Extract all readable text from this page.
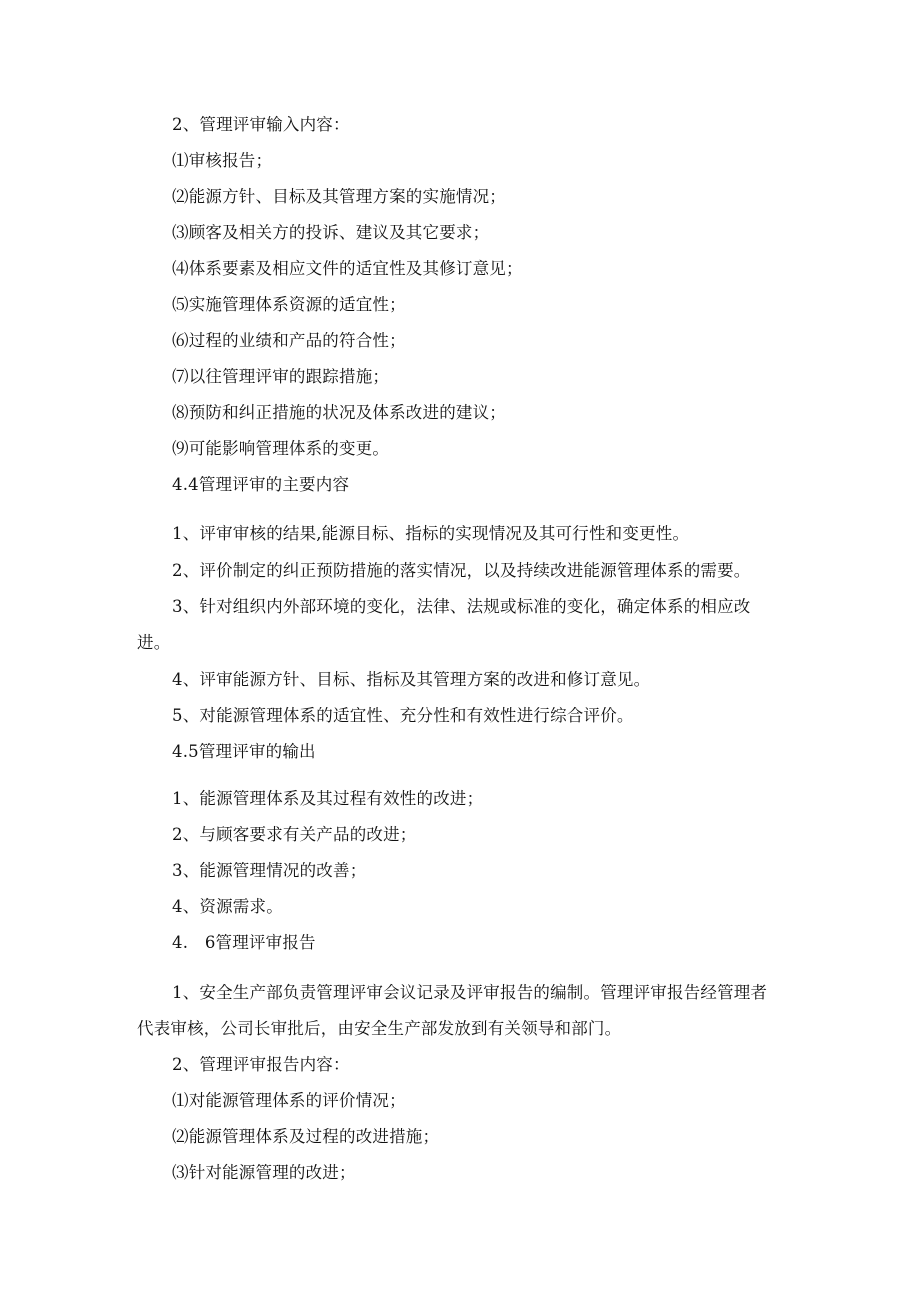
2、管理评审输入内容：
⑴审核报告；
⑵能源方针、目标及其管理方案的实施情况；
⑶顾客及相关方的投诉、建议及其它要求；
⑷体系要素及相应文件的适宜性及其修订意见；
⑸实施管理体系资源的适宜性；
⑹过程的业绩和产品的符合性；
⑺以往管理评审的跟踪措施；
⑻预防和纠正措施的状况及体系改进的建议；
⑼可能影响管理体系的变更。
4.4管理评审的主要内容
1、评审审核的结果,能源目标、指标的实现情况及其可行性和变更性。
2、评价制定的纠正预防措施的落实情况，以及持续改进能源管理体系的需要。
3、针对组织内外部环境的变化，法律、法规或标准的变化，确定体系的相应改
进。
4、评审能源方针、目标、指标及其管理方案的改进和修订意见。
5、对能源管理体系的适宜性、充分性和有效性进行综合评价。
4.5管理评审的输出
1、能源管理体系及其过程有效性的改进；
2、与顾客要求有关产品的改进；
3、能源管理情况的改善；
4、资源需求。
4.　6管理评审报告
1、安全生产部负责管理评审会议记录及评审报告的编制。管理评审报告经管理者
代表审核，公司长审批后，由安全生产部发放到有关领导和部门。
2、管理评审报告内容：
⑴对能源管理体系的评价情况；
⑵能源管理体系及过程的改进措施；
⑶针对能源管理的改进；
